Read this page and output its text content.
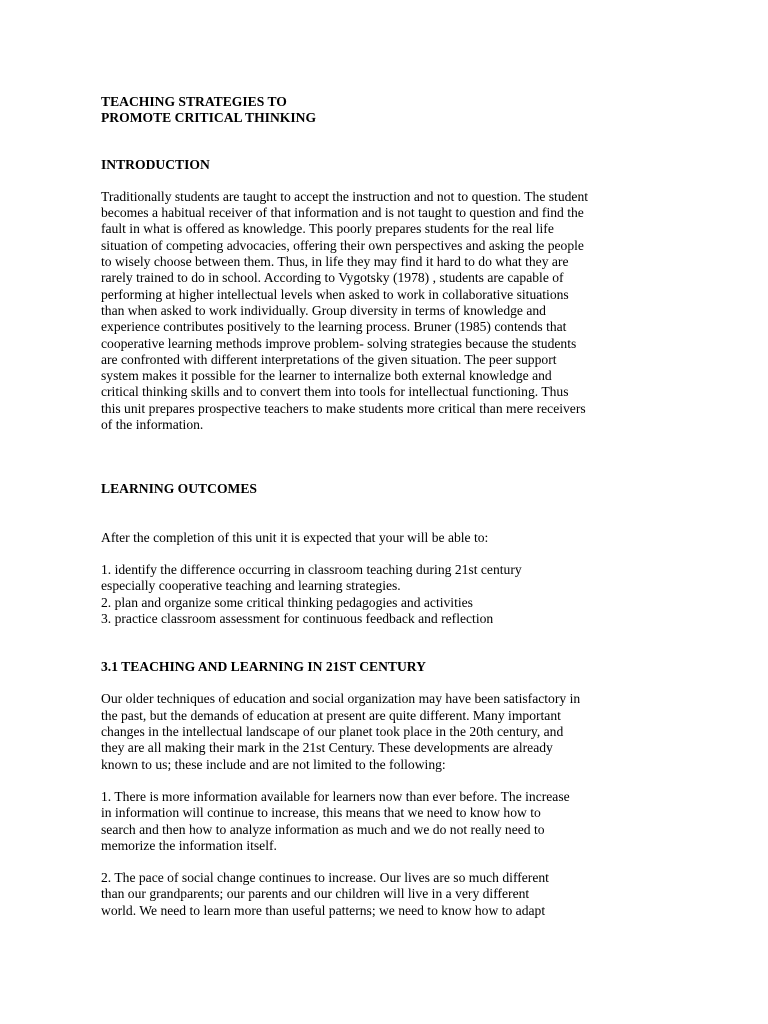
TEACHING STRATEGIES TO

PROMOTE CRITICAL THINKING

INTRODUCTION

Traditionally students are taught to accept the instruction and not to question. The student
becomes a habitual receiver of that information and is not taught to question and find the
fault in what is offered as knowledge. This poorly prepares students for the real life
situation of competing advocacies, offering their own perspectives and asking the people
to wisely choose between them. Thus, in life they may find it hard to do what they are
rarely trained to do in school. According to Vygotsky (1978) , students are capable of
performing at higher intellectual levels when asked to work in collaborative situations
than when asked to work individually. Group diversity in terms of knowledge and
experience contributes positively to the learning process. Bruner (1985) contends that
cooperative learning methods improve problem- solving strategies because the students
are confronted with different interpretations of the given situation. The peer support
system makes it possible for the learner to internalize both external knowledge and
critical thinking skills and to convert them into tools for intellectual functioning. Thus
this unit prepares prospective teachers to make students more critical than mere receivers
of the information.

LEARNING OUTCOMES

After the completion of this unit it is expected that your will be able to:

1. identify the difference occurring in classroom teaching during 21st century
especially cooperative teaching and learning strategies.
2. plan and organize some critical thinking pedagogies and activities
3. practice classroom assessment for continuous feedback and reflection

3.1 TEACHING AND LEARNING IN 21ST CENTURY

Our older techniques of education and social organization may have been satisfactory in
the past, but the demands of education at present are quite different. Many important
changes in the intellectual landscape of our planet took place in the 20th century, and
they are all making their mark in the 21st Century. These developments are already
known to us; these include and are not limited to the following:

1. There is more information available for learners now than ever before. The increase
in information will continue to increase, this means that we need to know how to
search and then how to analyze information as much and we do not really need to
memorize the information itself.

2. The pace of social change continues to increase. Our lives are so much different
than our grandparents; our parents and our children will live in a very different
world. We need to learn more than useful patterns; we need to know how to adapt
